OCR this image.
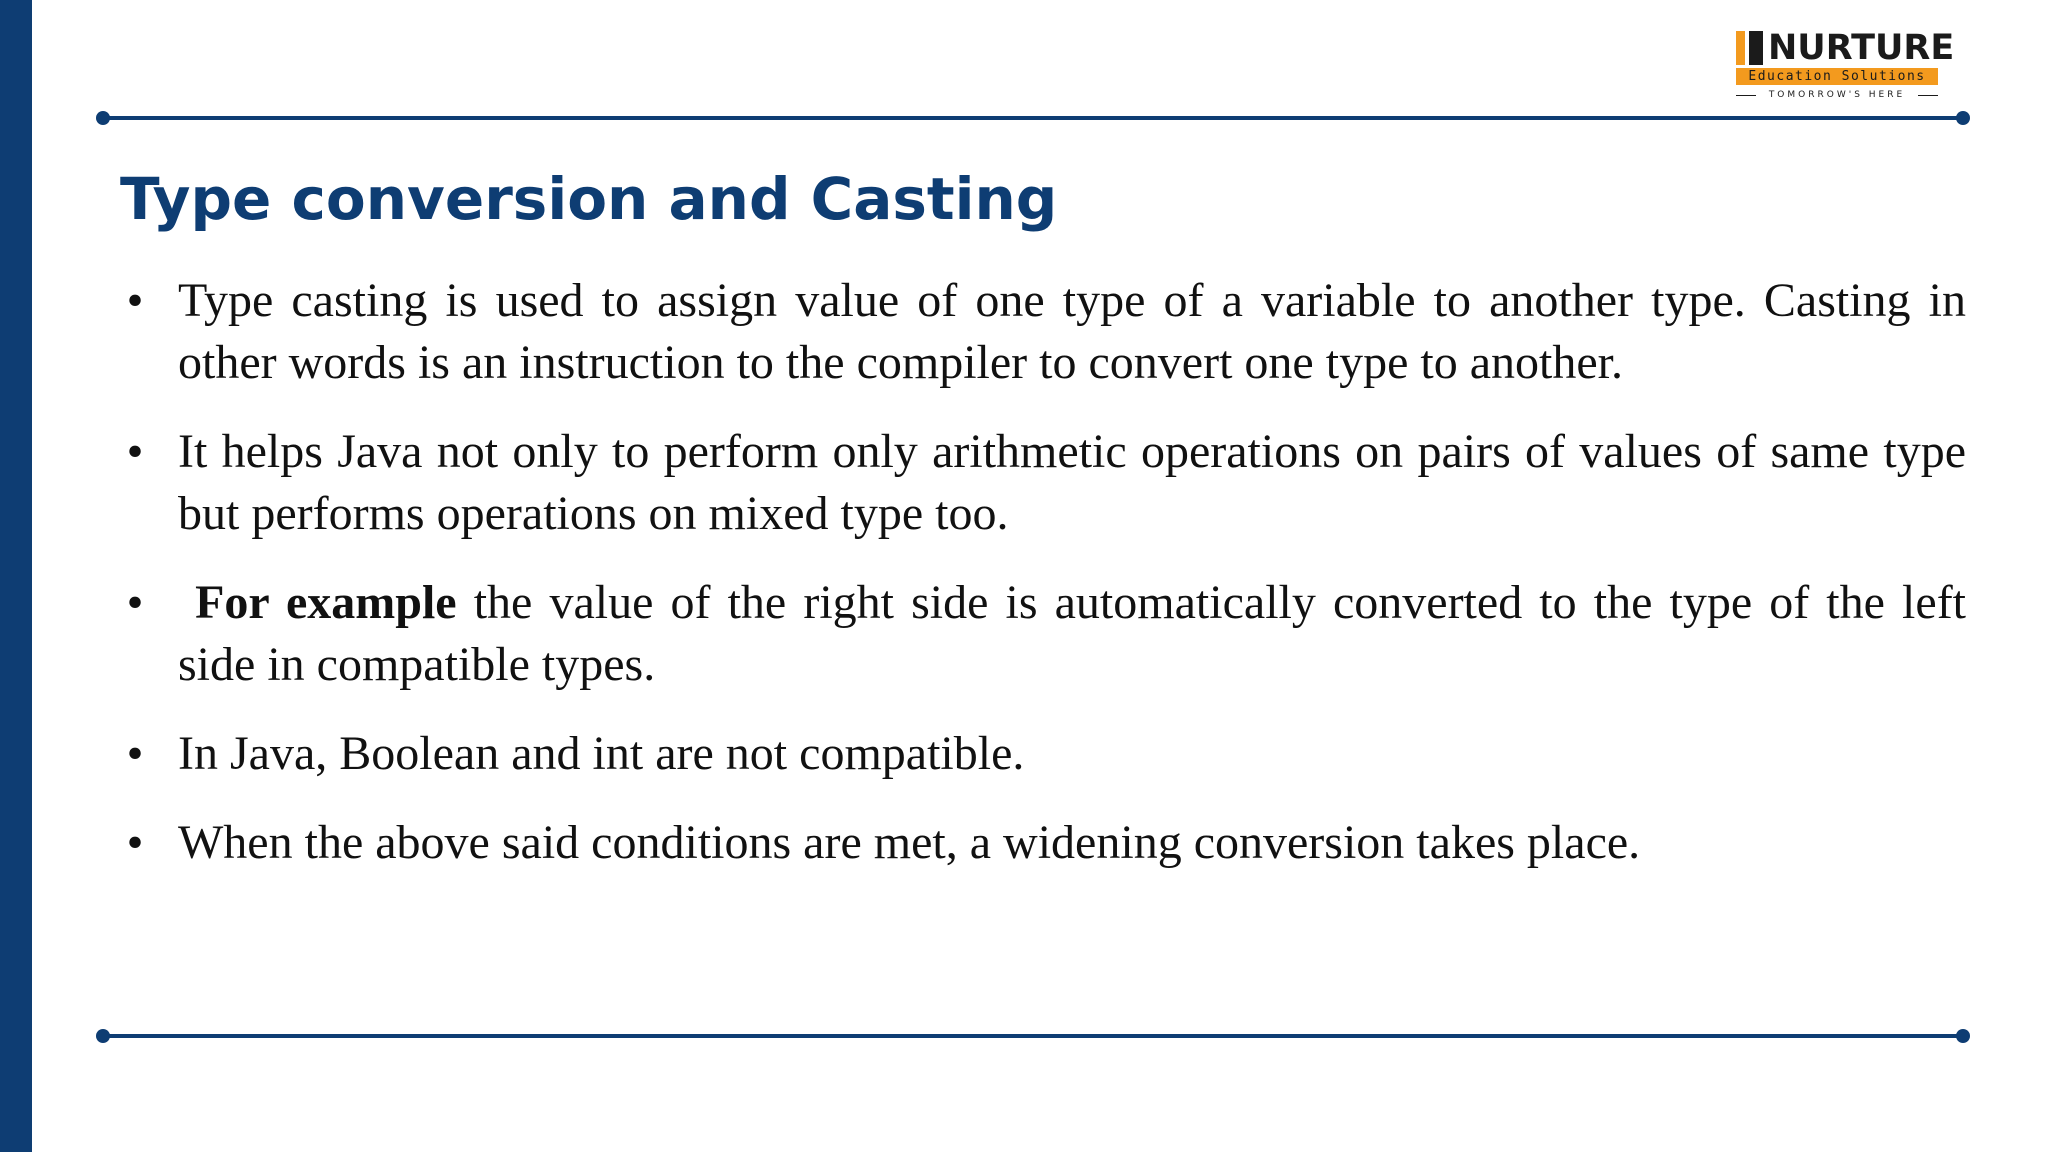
NURTURE
Education Solutions
TOMORROW'S HERE
Type conversion and Casting
• Type casting is used to assign value of one type of a variable to another type. Casting in other words is an instruction to the compiler to convert one type to another.
• It helps Java not only to perform only arithmetic operations on pairs of values of same type but performs operations on mixed type too.
•	For example the value of the right side is automatically converted to the type of the left side in compatible types.
• In Java, Boolean and int are not compatible.
• When the above said conditions are met, a widening conversion takes place.
